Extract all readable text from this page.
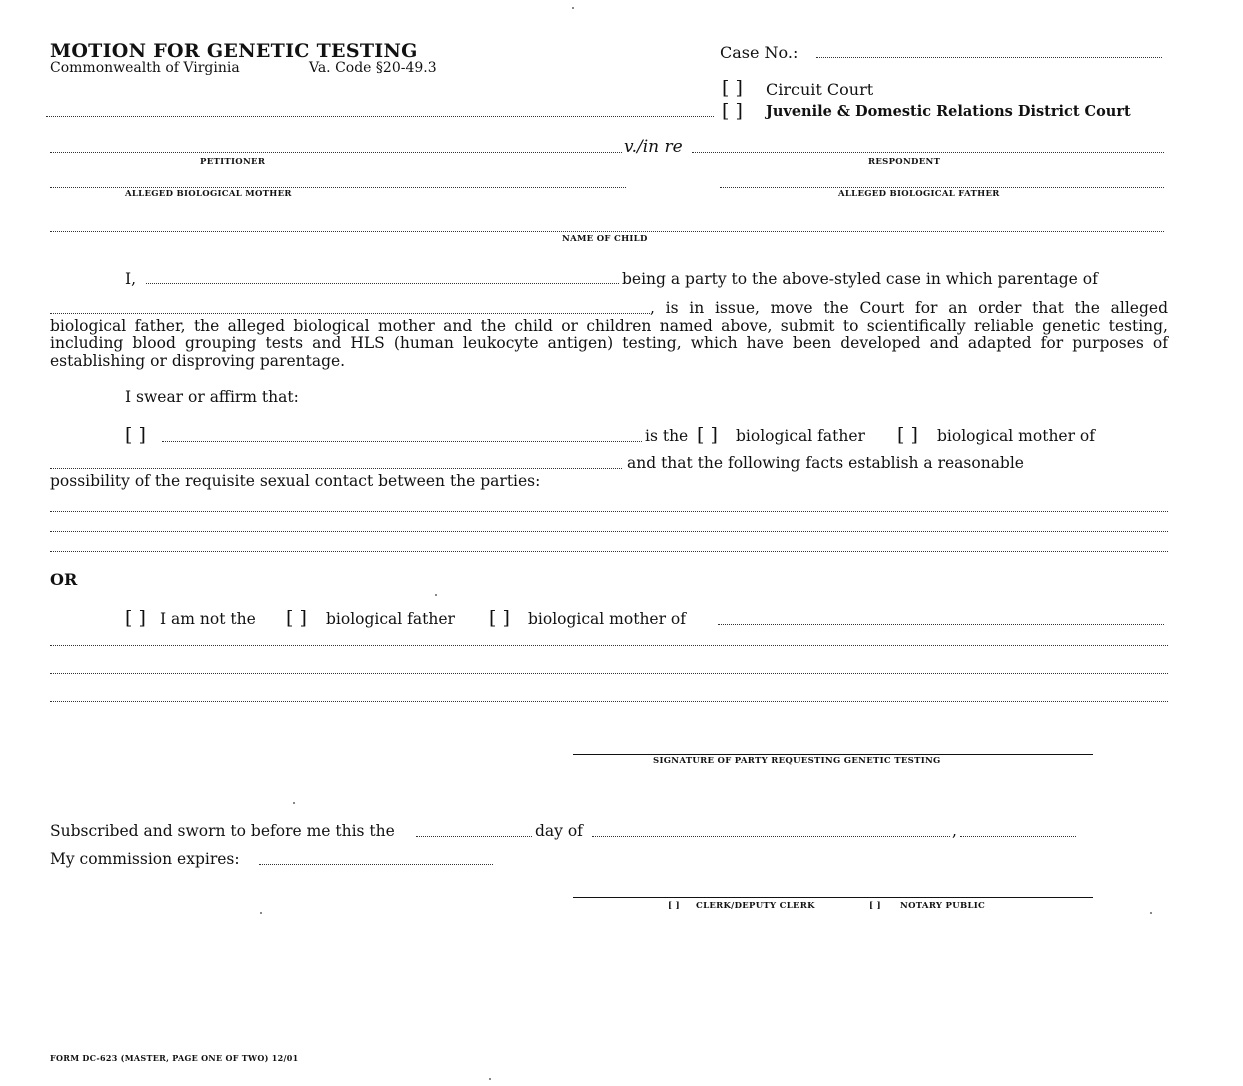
MOTION FOR GENETIC TESTING
Commonwealth of Virginia	Va. Code §20-49.3
Case No.:
[ ] Circuit Court
[ ] Juvenile & Domestic Relations District Court
v./in re
PETITIONER	RESPONDENT
ALLEGED BIOLOGICAL MOTHER	ALLEGED BIOLOGICAL FATHER
NAME OF CHILD
I,	being a party to the above-styled case in which parentage of
, is in issue, move the Court for an order that the alleged biological father, the alleged biological mother and the child or children named above, submit to scientifically reliable genetic testing, including blood grouping tests and HLS (human leukocyte antigen) testing, which have been developed and adapted for purposes of establishing or disproving parentage.
I swear or affirm that:
[ ]	is the [ ] biological father [ ] biological mother of
and that the following facts establish a reasonable
possibility of the requisite sexual contact between the parties:
OR
[ ] I am not the [ ] biological father [ ] biological mother of
SIGNATURE OF PARTY REQUESTING GENETIC TESTING
Subscribed and sworn to before me this the	day of	,
My commission expires:
[ ] CLERK/DEPUTY CLERK	[ ] NOTARY PUBLIC
FORM DC-623 (MASTER, PAGE ONE OF TWO) 12/01
